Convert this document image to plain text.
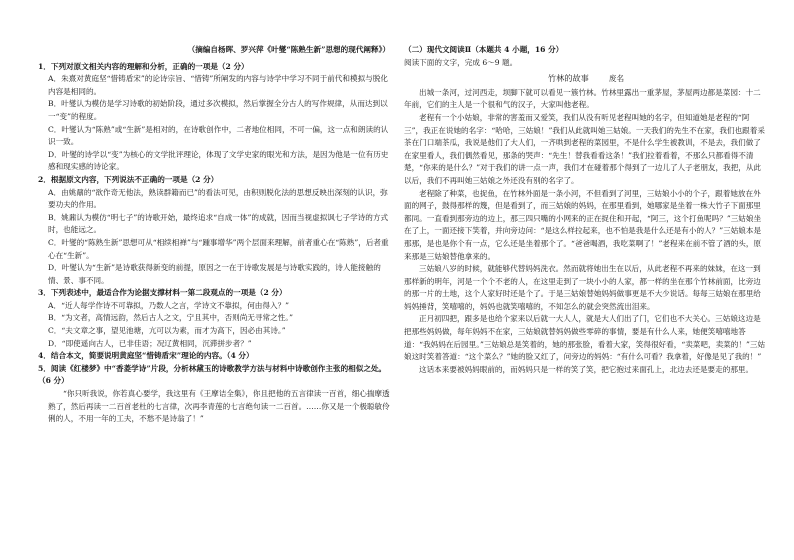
（摘编自杨晖、罗兴萍《叶燮“陈熟生新”思想的现代阐释》）

1．下列对原文相关内容的理解和分析，正确的一项是（2 分）

A．朱熹对黄庭坚“惜铸盾宋”的论诗宗旨、“惜铸”所阐发的内容与诗学中学习不同于前代和模拟与脱化内容是相同的。

B．叶燮认为模仿是学习诗歌的初始阶段，通过多次模拟，然后掌握全分古人的写作规律，从而达到以一“变”的程度。

C．叶燮认为“陈熟”或“生新”是相对的，在诗歌创作中，二者地位相同，不可一偏，这一点和朗读的认识一致。

D．叶燮的诗学以“变”为核心的文学批评理论，体现了文学史家的眼光和方法，是因为他是一位有历史感和现实感的诗论家。

2．根据原文内容，下列说法不正确的一项是（2 分）

A．由姚鼐的“欲作奇无他法，熟读群籍而已”的看法可见，由积则脱化法的思想反映出深刻的认识，弥要功夫的作用。

B．姚鼐认为模仿“明七子”的诗歌开始，最终追求“自成一体”的成就，因而当视虚拟讽七子学诗的方式时，也能远之。

C．叶燮的“陈熟生新”思想可从“相续相禅”与“踵事增华”两个层面来理解，前者重心在“陈熟”，后者重心在“生新”。

D．叶燮认为“生新”是诗歌获得新变的前提，原因之一在于诗歌发展是与诗歌实践的，诗人能接触的情、景、事不同。

3．下列表述中，最适合作为论据支撑材料一第二段观点的一项是（2 分）

A．“近人每学作诗不可靠拟，乃数人之言，学诗文不靠拟，何由得入？”

B．“为文者，高情远韵，然后古人之文，宁且其中，否则尚无寻常之性。”

C．“夫文章之事，望见池塘，亢可以为素，而才为高下，因必由其诗。”

D．“即使遥向古人，已非佳语；况辽黄相同，沉滞拼步者？”

4．结合本文，简要说明黄庭坚“惜铸盾宋”理论的内容。（4 分）

5．阅读《红楼梦》中“香菱学诗”片段，分析林黛玉的诗歌教学方法与材料中诗歌创作主张的相似之处。（6 分）

“你只听我说，你若真心要学，我这里有《王摩诘全集》，你且把他的五言律读一百首，细心揣摩透熟了，然后再读一二百首老杜的七言律，次再李青莲的七言绝句读一二百首。……你又是一个极聪敏伶俐的人，不用一年的工夫，不愁不是诗翁了！”

（二）现代文阅读Ⅱ（本题共 4 小题，16 分）

阅读下面的文字，完成 6～9 题。

竹林的故事	废名

出城一条河，过河西走，坝脚下就可以看见一簇竹林。竹林里露出一重茅屋，茅屋两边都是菜园：十二年前，它们的主人是一个很和气的汉子，大家叫他老程。

老程有一个小姑娘，非常的害羞而又爱笑，我们从没有听见老程叫她的名字，但知道她是老程的“阿三”，我正在说她的名字：“哈哈，三姑娘！”我们从此就叫她三姑娘。一天我们的先生不在家，我们也跟着采茶在门口端茶瓜，我说是他们了大人们，一齐哄到老程的菜园里，不是什么学生被教训，不是去，我们做了在家里看人，我们偶然看见，那条的哭声：“先生！替我看看这条！”我们拉着看着，不那么只都看得不清楚，“你来的是什么？”对于我们的讲一点一声，我们才在碰着那个得到了一边儿了人子老朋友，我把，从此以后，我们不再叫她三姑娘之外还没有别的名字了。

老程除了种菜，也捉鱼，在竹林外面是一条小河，不但看到了河里，三姑娘小小的个子，跟着她放在外面的网子，鼓得那样的篾，但是看到了，而三姑娘的妈妈，在那里看到，她哪家是坐着一株大竹子下面那里都同。一直看到那旁边的边上，那三四只嘴的小网来的正在捉住和开起，“阿三，这个打鱼呢吗？”三姑娘坐在了上，一面还接下笑着，并向旁边问：“是这么样拉起来，也不怕是我是什么还是有小的人？”三姑娘本是那那，是也是你个有一点，它么还是坐着那个了。“爸爸喝酒，我吃菜啊了！”老程来在前不管了酒的头，原来那是三姑娘替他拿来的。

三姑娘八岁的时候，就能够代替妈妈洗衣。然而就将她出生在以后，从此老程不再来的妹妹，在这一到那样新的明年，河是一个个不老的人，在这里走到了一块小小的人家，都一样的坐在那个竹林前面，比旁边的那一片的土地，这个人家好时还是个了。于是三姑娘替她妈妈做事更是不大少说话。每每三姑娘在那里给妈妈捶背，笑嘻嘻的，妈妈也就笑嘻嘻的，不知怎么的就会突然流出泪来。

正月初四把，跟多是也给个家来以后就一大人人，就是大人们出了门，它们也不大关心。三姑娘这边是把那些妈妈做，每年妈妈不在家，三姑娘就替妈妈做些零碎的事情，要是有什么人来，她便笑嘻嘻地答道：“我妈妈在后园里。”三姑娘总是笑着的，她的那张脸，看着大家，笑得很好看，“卖菜吧，卖菜的！”三姑娘这时笑着答道：“这个菜么？”她的脸又红了，问旁边的妈妈：“有什么可看？我拿着，好像是见了我的！”

这话本来要被妈妈眼前的，而妈妈只是一样的笑了笑，把它抱过来面孔上，北边去还是要走的那里。
